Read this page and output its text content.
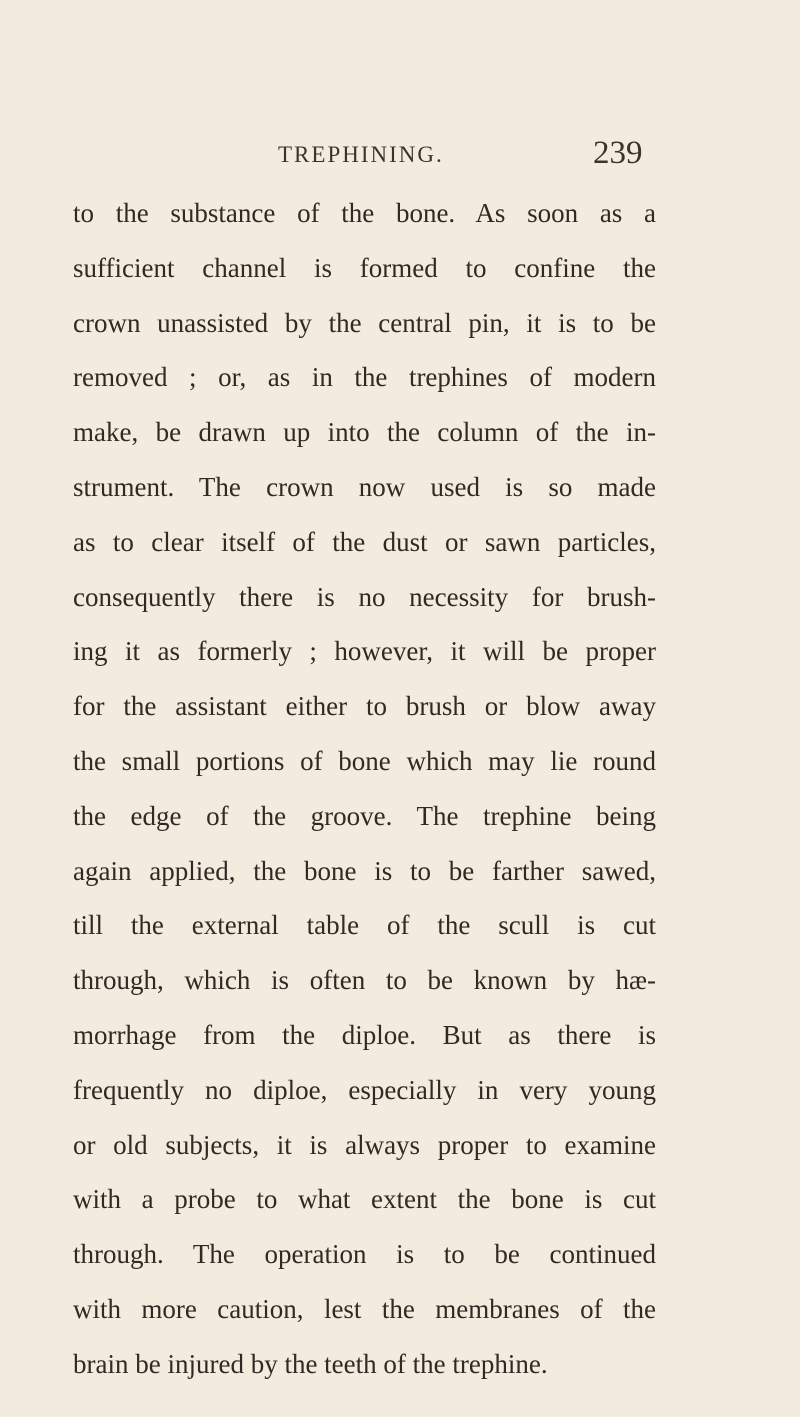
TREPHINING.	239
to the substance of the bone. As soon as a
sufficient channel is formed to confine the
crown unassisted by the central pin, it is to be
removed ; or, as in the trephines of modern
make, be drawn up into the column of the in-
strument. The crown now used is so made
as to clear itself of the dust or sawn particles,
consequently there is no necessity for brush-
ing it as formerly ; however, it will be proper
for the assistant either to brush or blow away
the small portions of bone which may lie round
the edge of the groove. The trephine being
again applied, the bone is to be farther sawed,
till the external table of the scull is cut
through, which is often to be known by hæ-
morrhage from the diploe. But as there is
frequently no diploe, especially in very young
or old subjects, it is always proper to examine
with a probe to what extent the bone is cut
through. The operation is to be continued
with more caution, lest the membranes of the
brain be injured by the teeth of the trephine.
